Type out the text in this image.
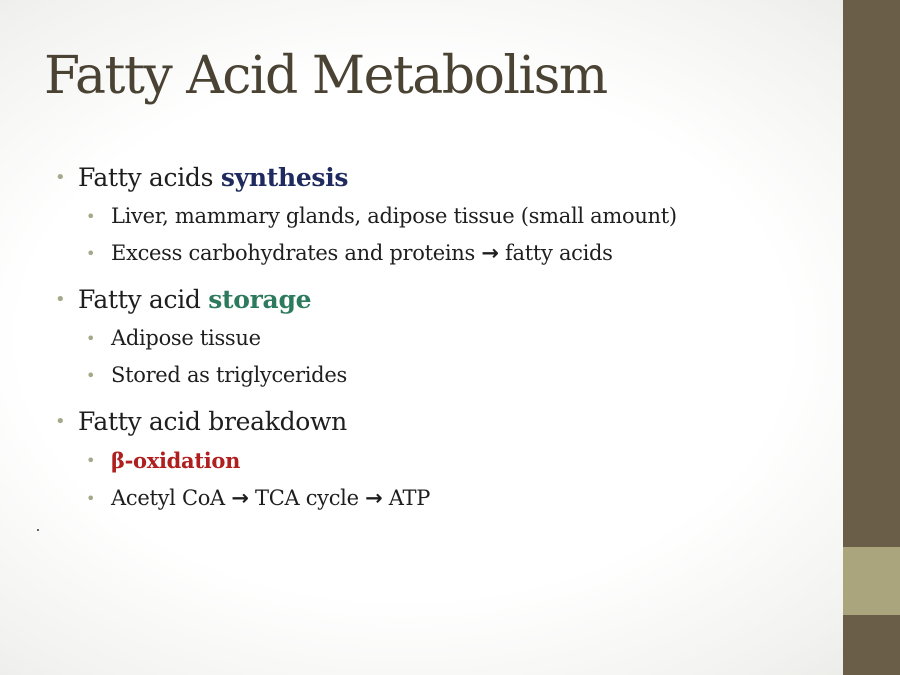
Fatty Acid Metabolism
• Fatty acids synthesis
• Liver, mammary glands, adipose tissue (small amount)
• Excess carbohydrates and proteins → fatty acids
• Fatty acid storage
• Adipose tissue
• Stored as triglycerides
• Fatty acid breakdown
• β-oxidation
• Acetyl CoA → TCA cycle → ATP
